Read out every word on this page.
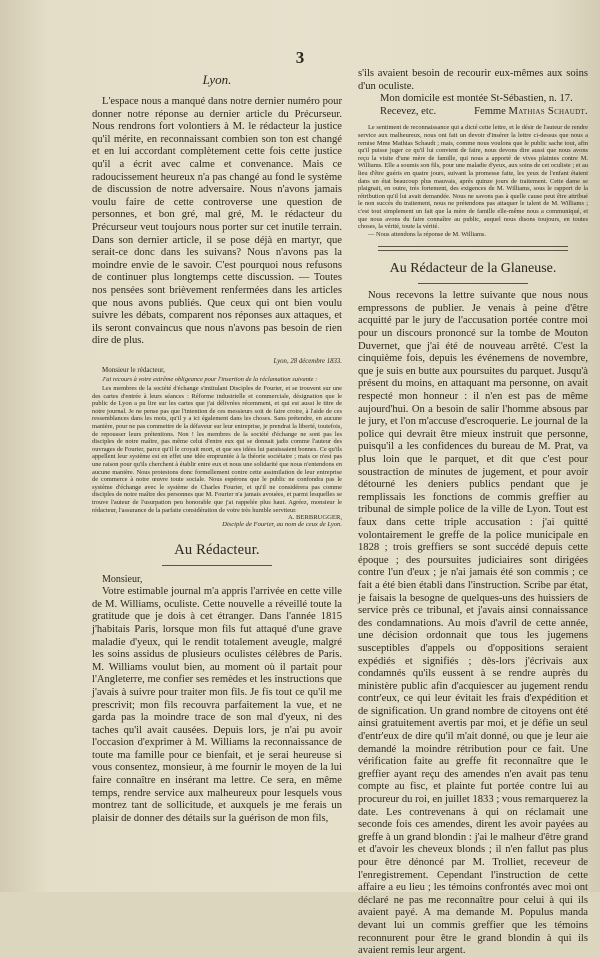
3
Lyon.

L'espace nous a manqué dans notre dernier numéro pour donner notre réponse au dernier article du Précurseur. Nous rendrons fort volontiers à M. le rédacteur la justice qu'il mérite, en reconnaissant combien son ton est changé et en lui accordant complètement cette fois cette justice qu'il a écrit avec calme et convenance. Mais ce radoucissement heureux n'a pas changé au fond le système de discussion de notre adversaire. Nous n'avons jamais voulu faire de cette controverse une question de personnes, et bon gré, mal gré, M. le rédacteur du Précurseur veut toujours nous porter sur cet inutile terrain. Dans son dernier article, il se pose déjà en martyr, que serait-ce donc dans les suivans? Nous n'avons pas la moindre envie de le savoir. C'est pourquoi nous refusons de continuer plus longtemps cette discussion. — Toutes nos pensées sont brièvement renfermées dans les articles que nous avons publiés. Que ceux qui ont bien voulu suivre les débats, comparent nos réponses aux attaques, et ils seront convaincus que nous n'avons pas besoin de rien dire de plus.

Lyon, 28 décembre 1833.

Monsieur le rédacteur,

J'ai recours à votre extrême obligeance pour l'insertion de la réclamation suivante :

Les membres de la société d'échange s'intitulant Disciples de Fourier, et se trouvent sur une des cartes d'entrée à leurs séances : Réforme industrielle et commerciale, désignation que le public de Lyon a pu lire sur les cartes que j'ai délivrées récemment, et qui est aussi le titre de notre journal. Je ne pense pas que l'intention de ces messieurs soit de faire croire, à l'aide de ces ressemblances dans les mots, qu'il y a ici également dans les choses. Sans prétendre, en aucune manière, pour ne pas commettre de la défaveur sur leur entreprise, je prendrai la liberté, toutefois, de repousser leurs prétentions. Non ! les membres de la société d'échange ne sont pas les disciples de notre maître, pas même celui d'entre eux qui se donnait jadis comme l'auteur des ouvrages de Fourier, parce qu'il le croyait mort, et que ses idées lui paraissaient bonnes. Ce qu'ils appellent leur système est en effet une idée empruntée à la théorie sociétaire ; mais ce n'est pas une raison pour qu'ils cherchent à établir entre eux et nous une solidarité que nous n'entendons en aucune manière. Nous protestons donc formellement contre cette assimilation de leur entreprise de commerce à notre œuvre toute sociale. Nous espérons que le public ne confondra pas le système d'échange avec le système de Charles Fourier, et qu'il ne considérera pas comme disciples de notre maître des personnes que M. Fourier n'a jamais avouées, et parmi lesquelles se trouve l'auteur de l'usurpation peu honorable que j'ai rappelée plus haut. Agréez, monsieur le rédacteur, l'assurance de la parfaite considération de votre très humble serviteur.

A. BERBRUGGER,
Disciple de Fourier, au nom de ceux de Lyon.
Au Rédacteur.
Monsieur,

Votre estimable journal m'a appris l'arrivée en cette ville de M. Williams, oculiste. Cette nouvelle a réveillé toute la gratitude que je dois à cet étranger. Dans l'année 1815 j'habitais Paris, lorsque mon fils fut attaqué d'une grave maladie d'yeux, qui le rendit totalement aveugle, malgré les soins assidus de plusieurs oculistes célèbres de Paris. M. Williams voulut bien, au moment où il partait pour l'Angleterre, me confier ses remèdes et les instructions que j'avais à suivre pour traiter mon fils. Je fis tout ce qu'il me prescrivit; mon fils recouvra parfaitement la vue, et ne garda pas la moindre trace de son mal d'yeux, ni des taches qu'il avait causées. Depuis lors, je n'ai pu avoir l'occasion d'exprimer à M. Williams la reconnaissance de toute ma famille pour ce bienfait, et je serai heureuse si vous consentez, monsieur, à me fournir le moyen de la lui faire connaître en insérant ma lettre. Ce sera, en même temps, rendre service aux malheureux pour lesquels vous montrez tant de sollicitude, et auxquels je me ferais un plaisir de donner des détails sur la guérison de mon fils,

s'ils avaient besoin de recourir eux-mêmes aux soins d'un oculiste.

Mon domicile est montée St-Sébastien, n. 17.

Recevez, etc.	Femme Mathias Schaudt.

Le sentiment de reconnaissance qui a dicté cette lettre, et le désir de l'auteur de rendre service aux malheureux, nous ont fait un devoir d'insérer la lettre ci-dessus que nous a remise Mme Mathias Schaudt ; mais, comme nous voulons que le public sache tout, afin qu'il puisse juger ce qu'il lui convient de faire, nous devons dire aussi que nous avons reçu la visite d'une mère de famille, qui nous a apporté de vives plaintes contre M. Williams. Elle a soumis son fils, pour une maladie d'yeux, aux soins de cet oculiste ; et au lieu d'être guéris en quatre jours, suivant la promesse faite, les yeux de l'enfant étaient dans un état beaucoup plus mauvais, après quinze jours de traitement. Cette dame se plaignait, en outre, très fortement, des exigences de M. Williams, sous le rapport de la rétribution qu'il lui avait demandée. Nous ne savons pas à quelle cause peut être attribué le non succès du traitement, nous ne prétendons pas attaquer le talent de M. Williams ; c'est tout simplement un fait que la mère de famille elle-même nous a communiqué, et que nous avons du faire connaître au public, auquel nous disons toujours, en toutes choses, la vérité, toute la vérité.

— Nous attendons la réponse de M. Williams.

Au Rédacteur de la Glaneuse.

Nous recevons la lettre suivante que nous nous empressons de publier. Je venais à peine d'être acquitté par le jury de l'accusation portée contre moi pour un discours prononcé sur la tombe de Mouton Duvernet, que j'ai été de nouveau arrêté. C'est la cinquième fois, depuis les événemens de novembre, que je suis en butte aux poursuites du parquet. Jusqu'à présent du moins, en attaquant ma personne, on avait respecté mon honneur : il n'en est pas de même aujourd'hui. On a besoin de salir l'homme absous par le jury, et l'on m'accuse d'escroquerie. Le journal de la police qui devrait être mieux instruit que personne, puisqu'il a les confidences du bureau de M. Prat, va plus loin que le parquet, et dit que c'est pour soustraction de minutes de jugement, et pour avoir détourné les deniers publics pendant que je remplissais les fonctions de commis greffier au tribunal de simple police de la ville de Lyon. Tout est faux dans cette triple accusation : j'ai quitté volontairement le greffe de la police municipale en 1828 ; trois greffiers se sont succédé depuis cette époque ; des poursuites judiciaires sont dirigées contre l'un d'eux ; je n'ai jamais été son commis ; ce fait a été bien établi dans l'instruction. Scribe par état, je faisais la besogne de quelques-uns des huissiers de service près ce tribunal, et j'avais ainsi connaissance des condamnations. Au mois d'avril de cette année, une décision ordonnait que tous les jugemens susceptibles d'appels ou d'oppositions seraient expédiés et signifiés ; dès-lors j'écrivais aux condamnés qu'ils eussent à se rendre auprès du ministère public afin d'acquiescer au jugement rendu contr'eux, ce qui leur évitait les frais d'expédition et de signification. Un grand nombre de citoyens ont été ainsi gratuitement avertis par moi, et je défie un seul d'entr'eux de dire qu'il m'ait donné, ou que je leur aie demandé la moindre rétribution pour ce fait. Une vérification faite au greffe fit reconnaître que le greffier ayant reçu des amendes n'en avait pas tenu compte au fisc, et plainte fut portée contre lui au procureur du roi, en juillet 1833 ; vous remarquerez la date. Les contrevenans à qui on réclamait une seconde fois ces amendes, dirent les avoir payées au greffe à un grand blondin : j'ai le malheur d'être grand et d'avoir les cheveux blonds ; il n'en fallut pas plus pour être dénoncé par M. Trolliet, receveur de l'enregistrement. Cependant l'instruction de cette affaire a eu lieu ; les témoins confrontés avec moi ont déclaré ne pas me reconnaître pour celui à qui ils avaient payé. A ma demande M. Populus manda devant lui un commis greffier que les témoins reconnurent pour être le grand blondin à qui ils avaient remis leur argent.
